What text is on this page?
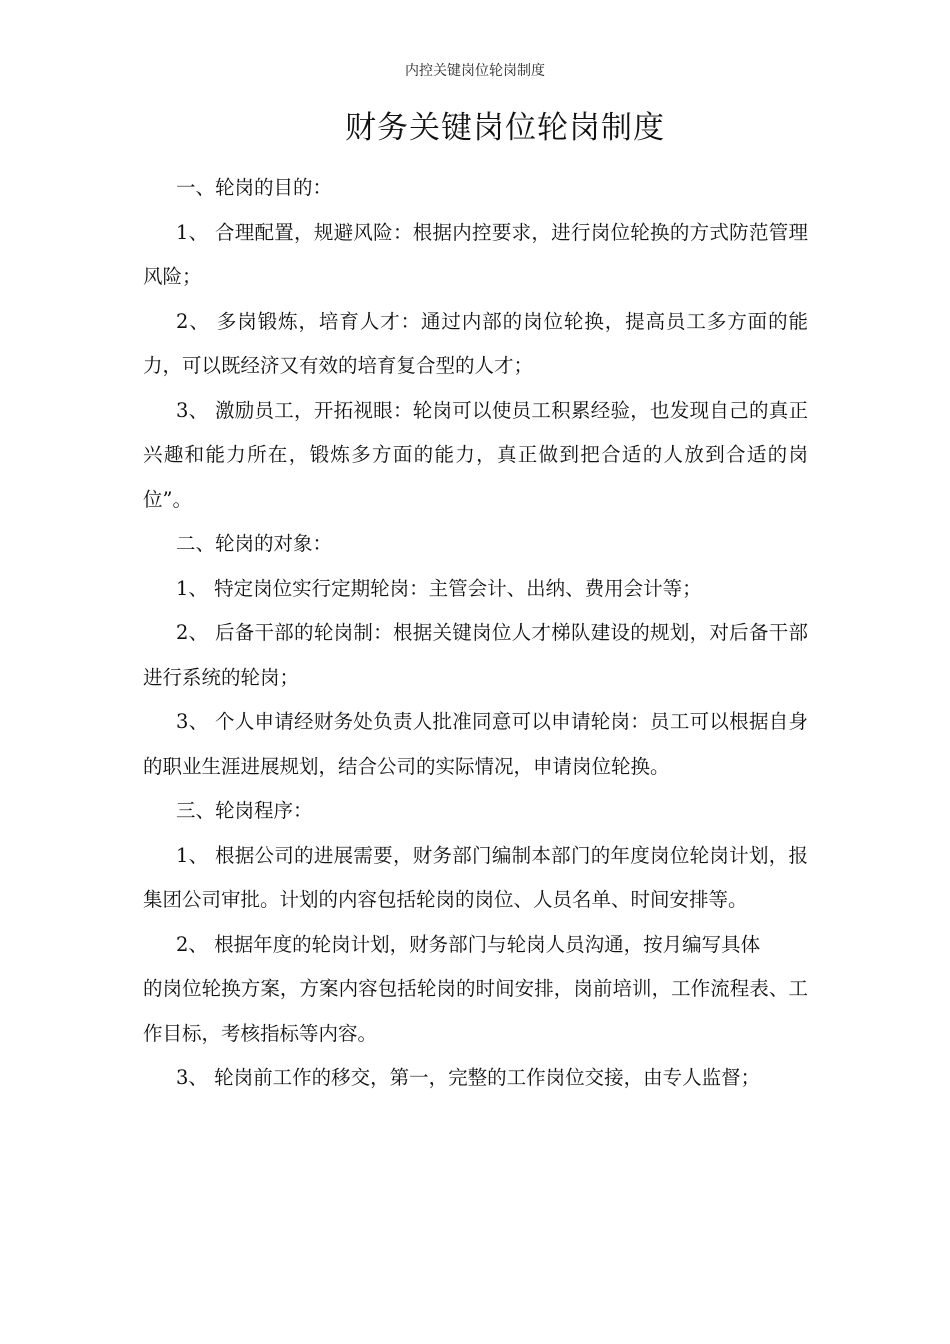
内控关键岗位轮岗制度
财务关键岗位轮岗制度

一、轮岗的目的：

1、 合理配置，规避风险：根据内控要求，进行岗位轮换的方式防范管理风险；

2、 多岗锻炼，培育人才：通过内部的岗位轮换，提高员工多方面的能力，可以既经济又有效的培育复合型的人才；

3、 激励员工，开拓视眼：轮岗可以使员工积累经验，也发现自己的真正兴趣和能力所在，锻炼多方面的能力，真正做到把合适的人放到合适的岗位”。

二、轮岗的对象：

1、 特定岗位实行定期轮岗：主管会计、出纳、费用会计等；

2、 后备干部的轮岗制：根据关键岗位人才梯队建设的规划，对后备干部进行系统的轮岗；

3、 个人申请经财务处负责人批准同意可以申请轮岗：员工可以根据自身的职业生涯进展规划，结合公司的实际情况，申请岗位轮换。

三、轮岗程序：

1、 根据公司的进展需要，财务部门编制本部门的年度岗位轮岗计划，报集团公司审批。计划的内容包括轮岗的岗位、人员名单、时间安排等。

2、 根据年度的轮岗计划，财务部门与轮岗人员沟通，按月编写具体

的岗位轮换方案，方案内容包括轮岗的时间安排，岗前培训，工作流程表、工作目标，考核指标等内容。

3、 轮岗前工作的移交，第一，完整的工作岗位交接，由专人监督；
